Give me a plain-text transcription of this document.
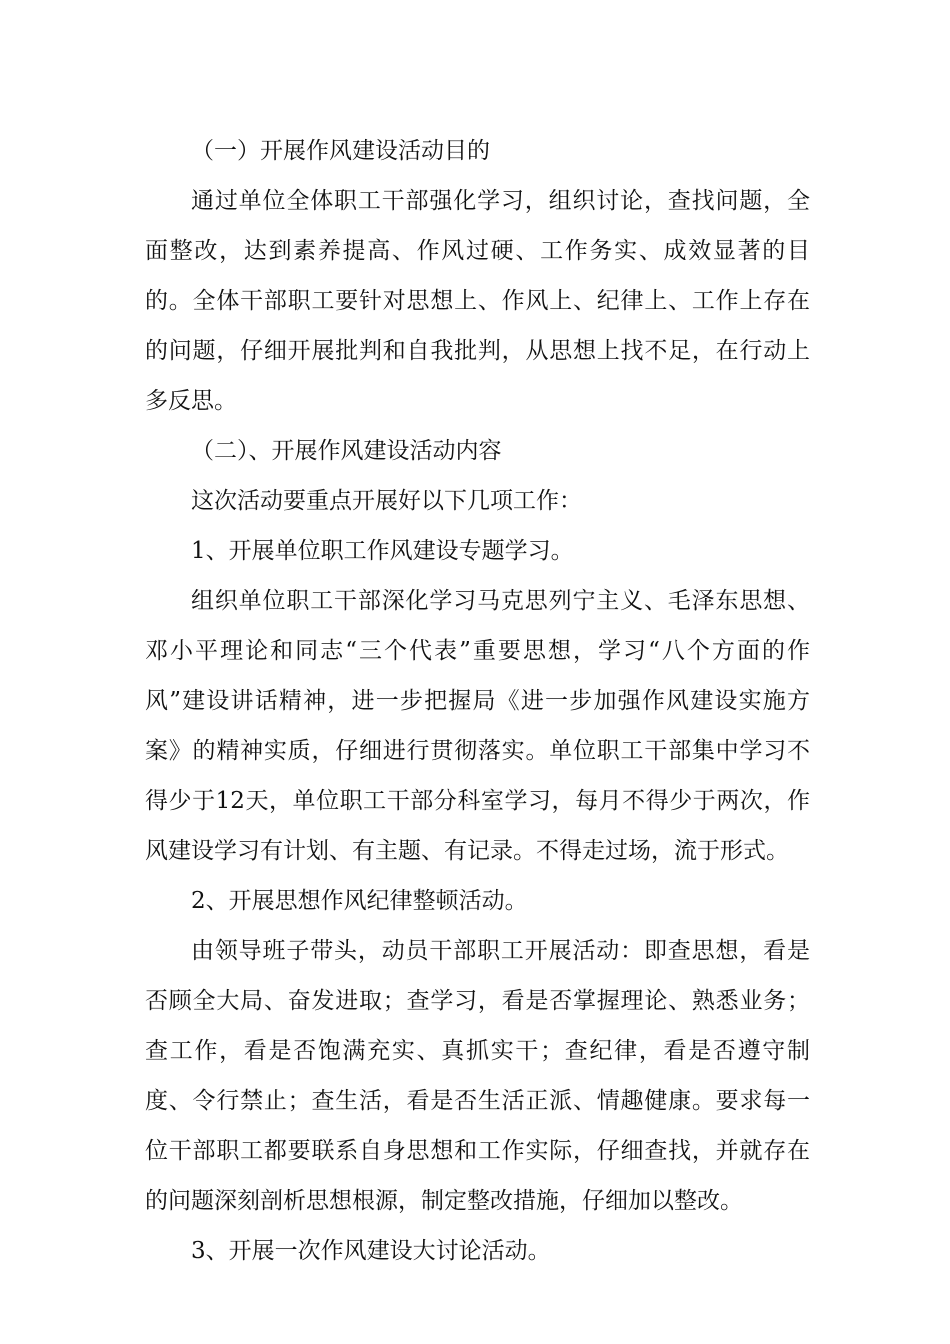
（一）开展作风建设活动目的

通过单位全体职工干部强化学习，组织讨论，查找问题，全面整改，达到素养提高、作风过硬、工作务实、成效显著的目的。全体干部职工要针对思想上、作风上、纪律上、工作上存在的问题，仔细开展批判和自我批判，从思想上找不足，在行动上多反思。

（二）、开展作风建设活动内容

这次活动要重点开展好以下几项工作：

1、开展单位职工作风建设专题学习。

组织单位职工干部深化学习马克思列宁主义、毛泽东思想、邓小平理论和同志“三个代表”重要思想，学习“八个方面的作风”建设讲话精神，进一步把握局《进一步加强作风建设实施方案》的精神实质，仔细进行贯彻落实。单位职工干部集中学习不得少于12天，单位职工干部分科室学习，每月不得少于两次，作风建设学习有计划、有主题、有记录。不得走过场，流于形式。

2、开展思想作风纪律整顿活动。

由领导班子带头，动员干部职工开展活动：即查思想，看是否顾全大局、奋发进取；查学习，看是否掌握理论、熟悉业务；查工作，看是否饱满充实、真抓实干；查纪律，看是否遵守制度、令行禁止；查生活，看是否生活正派、情趣健康。要求每一位干部职工都要联系自身思想和工作实际，仔细查找，并就存在的问题深刻剖析思想根源，制定整改措施，仔细加以整改。

3、开展一次作风建设大讨论活动。
